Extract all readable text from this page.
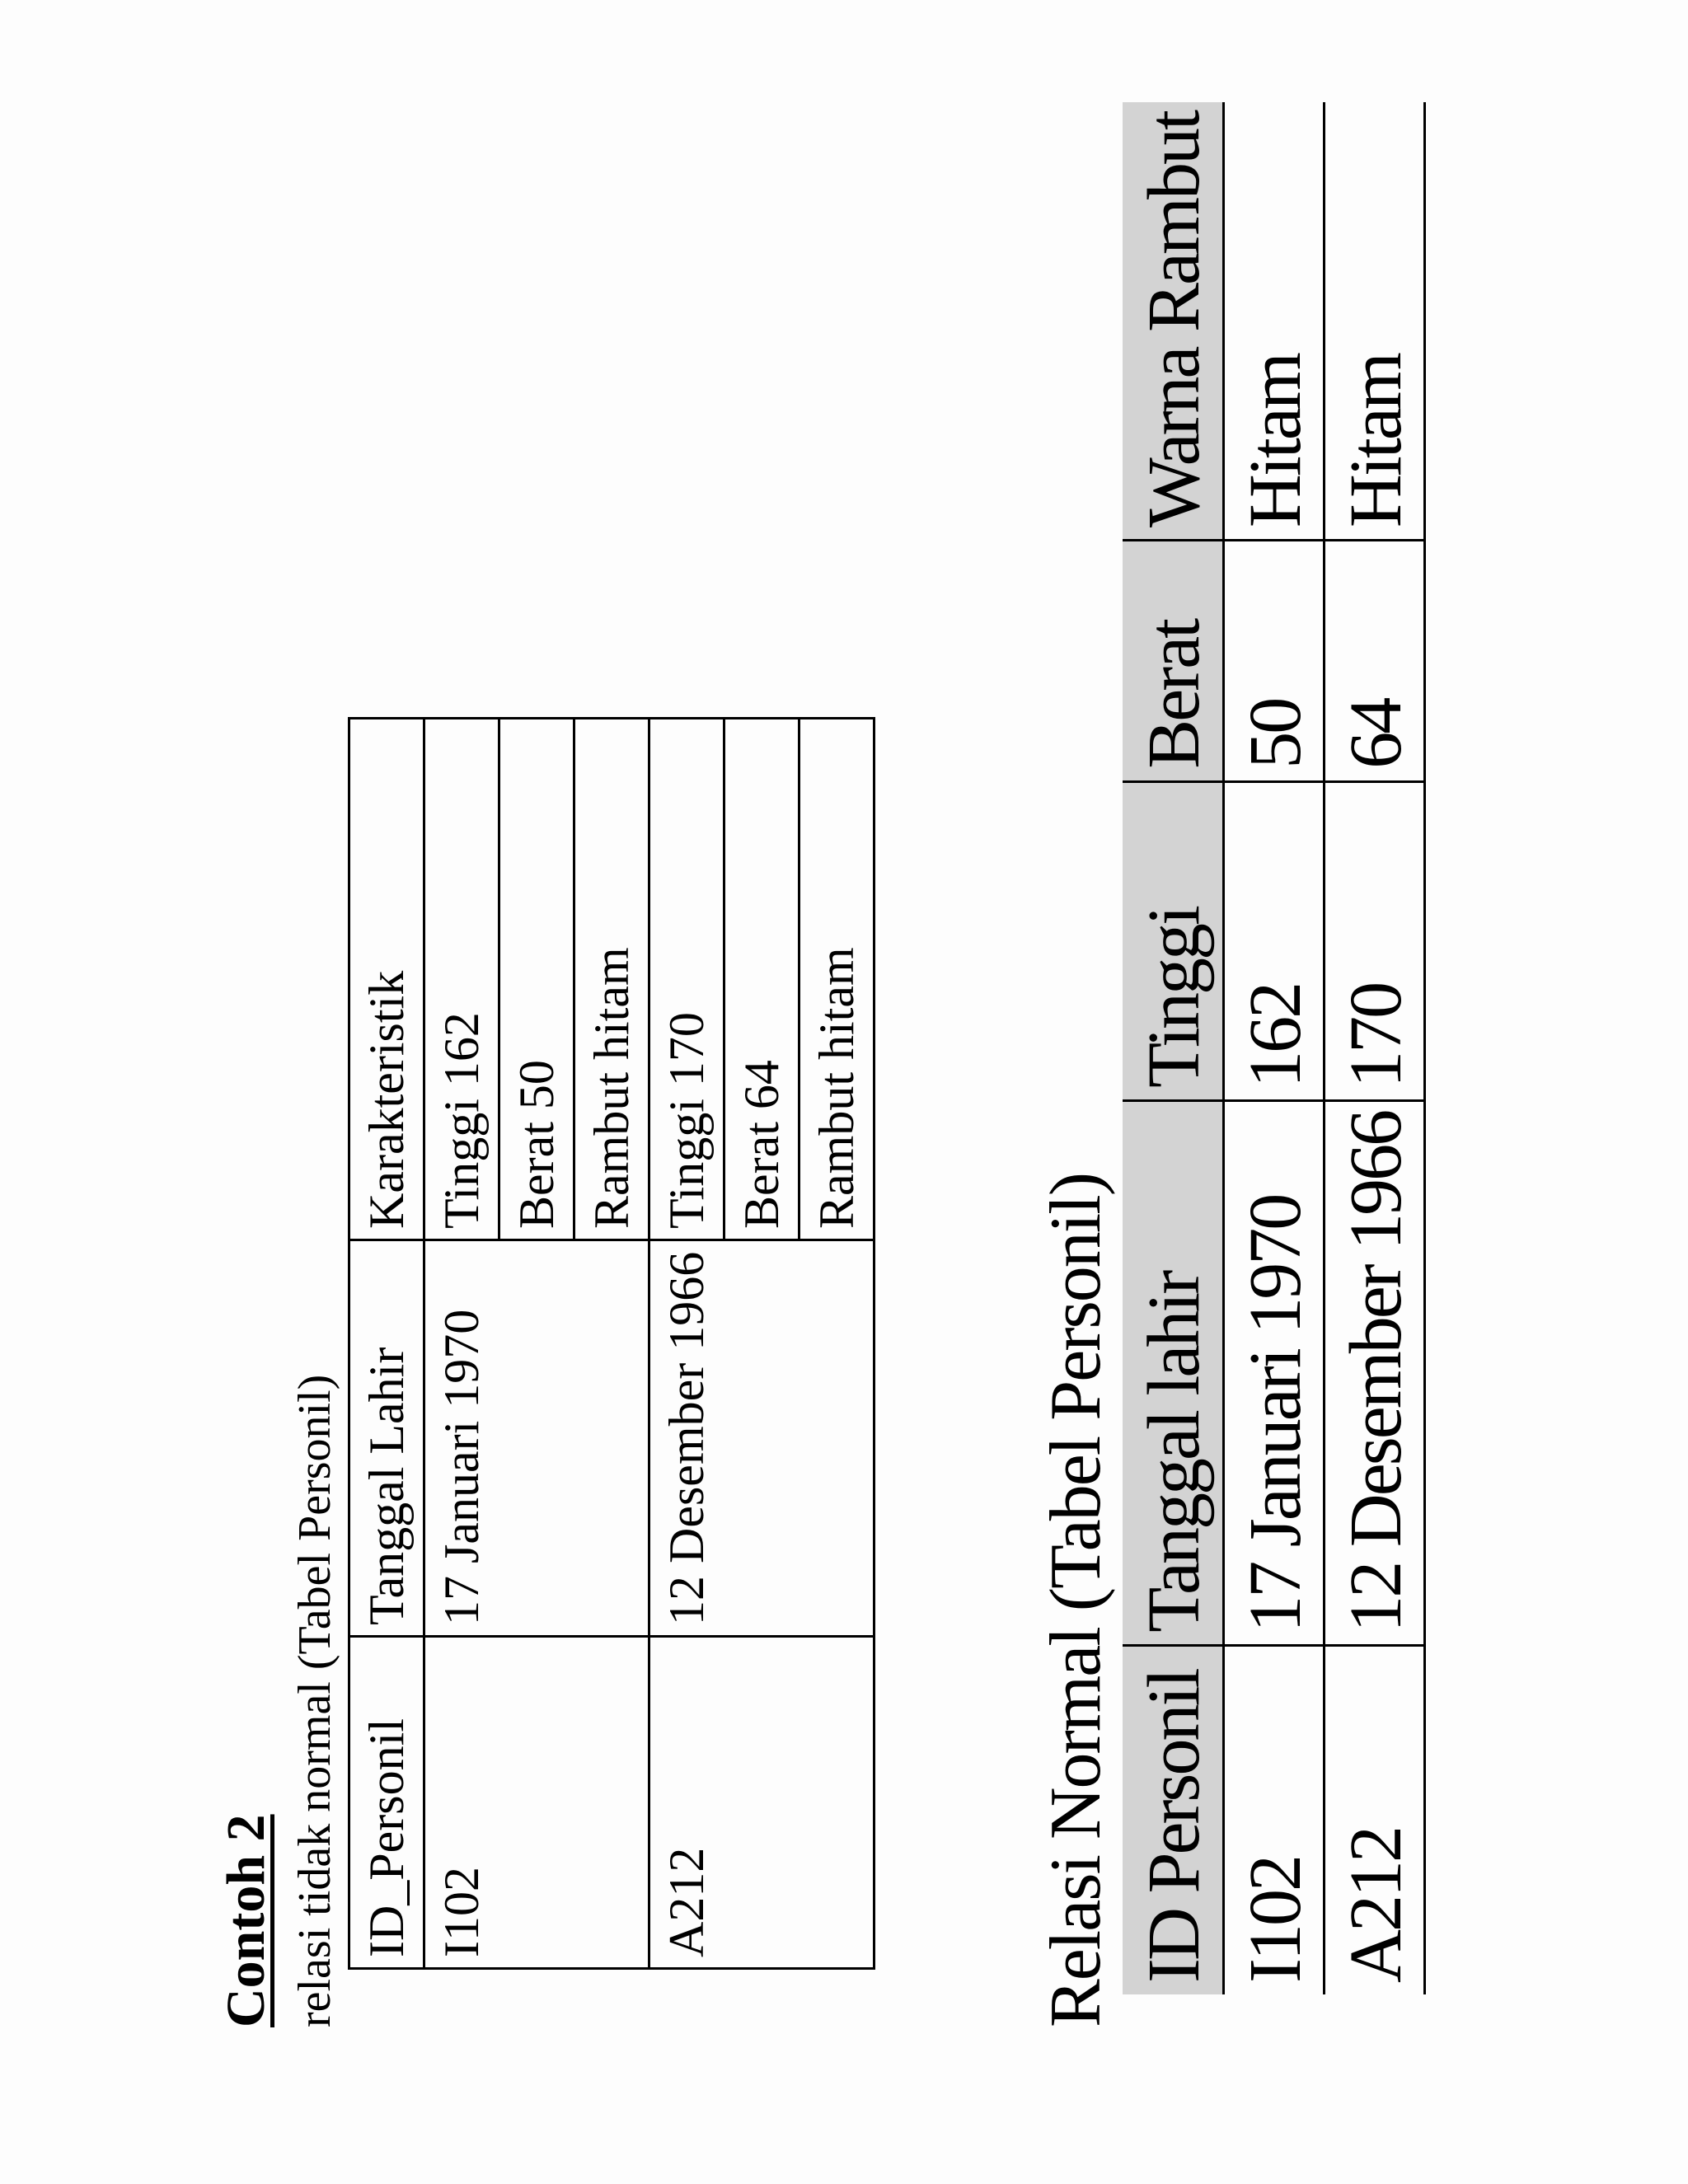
Contoh 2 relasi tidak normal (Tabel Personil) ID_Personil	Tanggal Lahir	Karakteristik
I102	17 Januari 1970	Tinggi 162
		Berat 50
		Rambut hitam
A212	12 Desember 1966	Tinggi 170
		Berat 64
		Rambut hitam
Relasi Normal (Tabel Personil) ID Personil	Tanggal lahir	Tinggi	Berat	Warna Rambut
I102	17 Januari 1970	162	50	Hitam
A212	12 Desember 1966	170	64	Hitam
